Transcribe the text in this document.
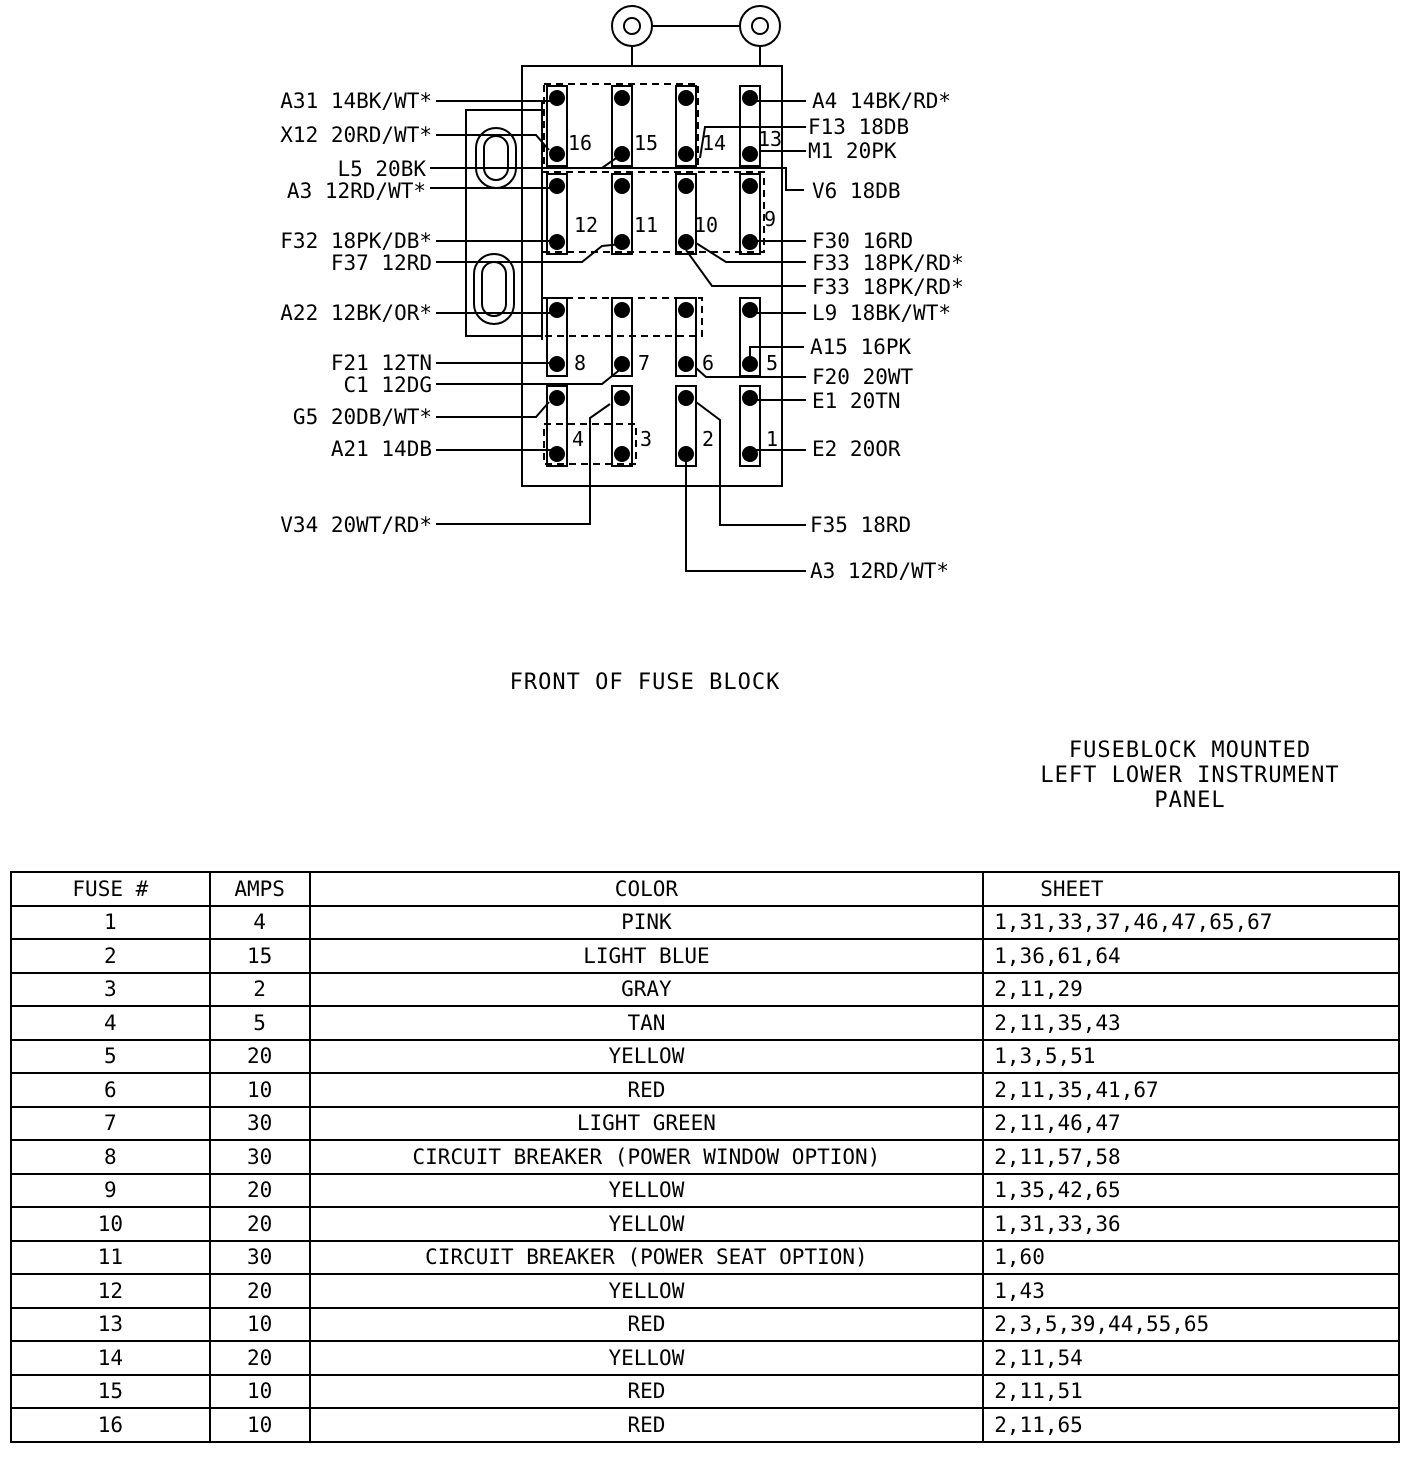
16 15 14 13
12 11 10 9
8	7	6	5
4	3 2	1
A31 14BK/WT*
X12 20RD/WT*
L5 20BK
A3 12RD/WT*
F32 18PK/DB*
F37 12RD
A22 12BK/OR*
F21 12TN
C1 12DG
G5 20DB/WT*
A21 14DB
V34 20WT/RD*
A4 14BK/RD*
F13 18DB
M1 20PK
V6 18DB
F30 16RD
F33 18PK/RD*
F33 18PK/RD*
L9 18BK/WT*
A15 16PK
F20 20WT
E1 20TN
E2 20OR
F35 18RD
A3 12RD/WT*
FRONT OF FUSE BLOCK
FUSEBLOCK MOUNTED
LEFT LOWER INSTRUMENT
PANEL
FUSE #	AMPS	COLOR	SHEET
1	4	PINK	1,31,33,37,46,47,65,67
2	15	LIGHT BLUE	1,36,61,64
3	2	GRAY	2,11,29
4	5	TAN	2,11,35,43
5	20	YELLOW	1,3,5,51
6	10	RED	2,11,35,41,67
7	30	LIGHT GREEN	2,11,46,47
8	30	CIRCUIT BREAKER (POWER WINDOW OPTION)	2,11,57,58
9	20	YELLOW	1,35,42,65
10	20	YELLOW	1,31,33,36
11	30	CIRCUIT BREAKER (POWER SEAT OPTION)	1,60
12	20	YELLOW	1,43
13	10	RED	2,3,5,39,44,55,65
14	20	YELLOW	2,11,54
15	10	RED	2,11,51
16	10	RED	2,11,65
